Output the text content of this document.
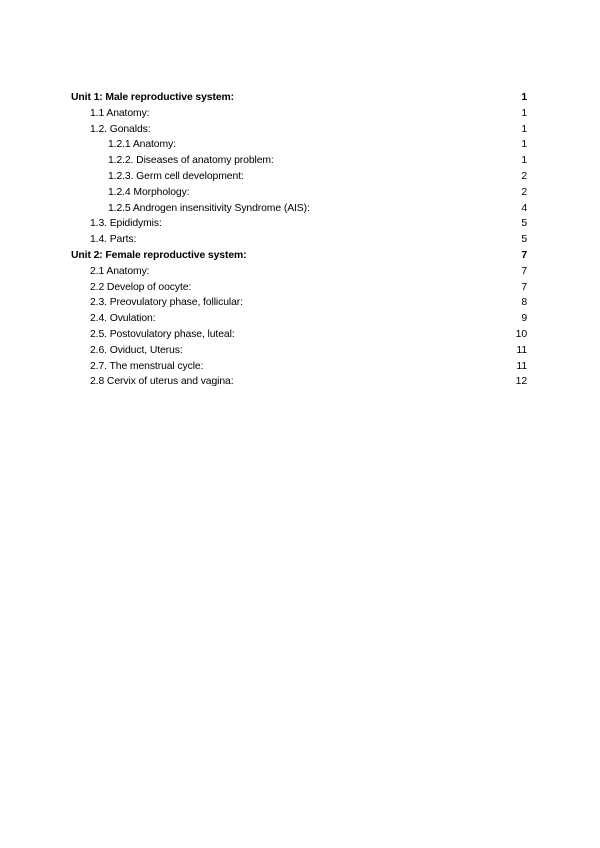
Unit 1: Male reproductive system:	1
1.1 Anatomy:	1
1.2. Gonalds:	1
1.2.1 Anatomy:	1
1.2.2. Diseases of anatomy problem:	1
1.2.3. Germ cell development:	2
1.2.4 Morphology:	2
1.2.5 Androgen insensitivity Syndrome (AIS):	4
1.3. Epididymis:	5
1.4. Parts:	5
Unit 2: Female reproductive system:	7
2.1 Anatomy:	7
2.2 Develop of oocyte:	7
2.3. Preovulatory phase, follicular:	8
2.4. Ovulation:	9
2.5. Postovulatory phase, luteal:	10
2.6. Oviduct, Uterus:	11
2.7. The menstrual cycle:	11
2.8 Cervix of uterus and vagina:	12
